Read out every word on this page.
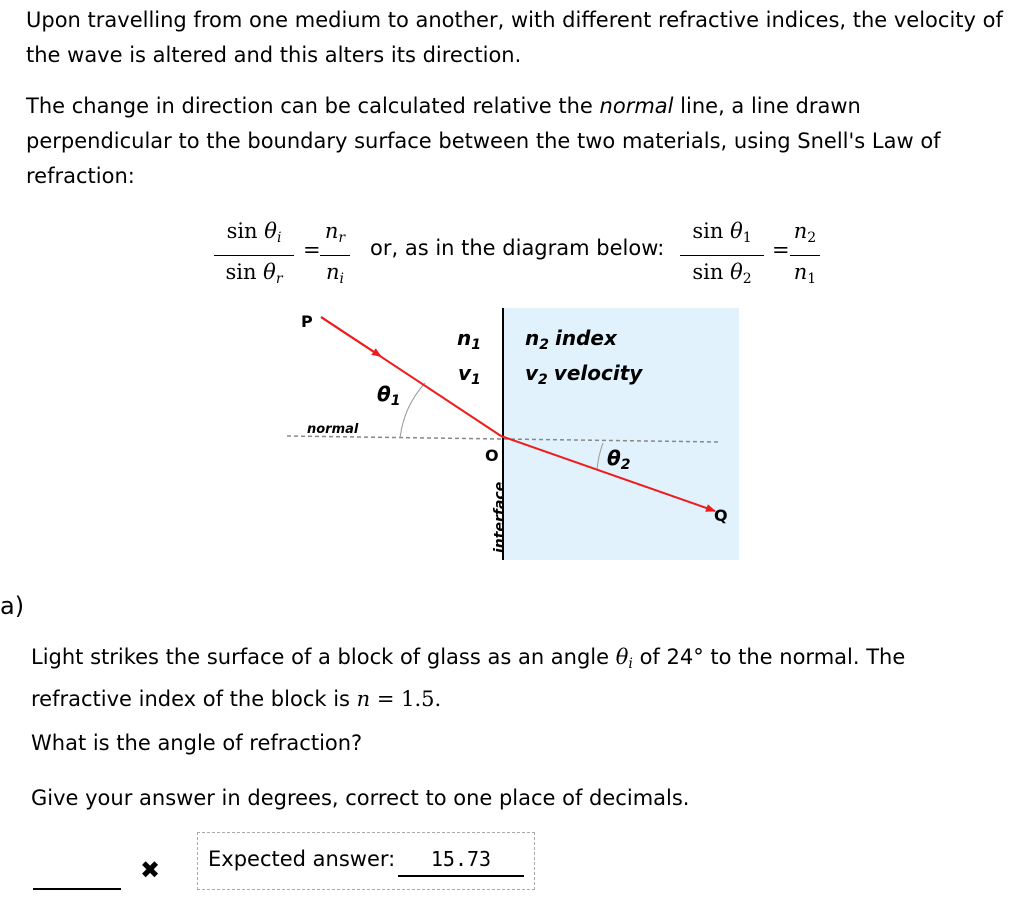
Upon travelling from one medium to another, with different refractive indices, the velocity of the wave is altered and this alters its direction.

The change in direction can be calculated relative the normal line, a line drawn perpendicular to the boundary surface between the two materials, using Snell's Law of refraction:

$\sin \theta_i$
$\sin \theta_r$
=
$n_r$
$n_i$
or, as in the diagram below:
sin θ1
sin θ2
=
n2
n1
P
$n_1$
$v_1$
$n_2$ index
$v_2$ velocity
$\theta_1$
$\theta_2$
normal
O
Q
interface
a)

Light strikes the surface of a block of glass as an angle $\theta_i$ of 24° to the normal. The refractive index of the block is n = 1.5.

What is the angle of refraction?

Give your answer in degrees, correct to one place of decimals.

✖ Expected answer:	15.73
